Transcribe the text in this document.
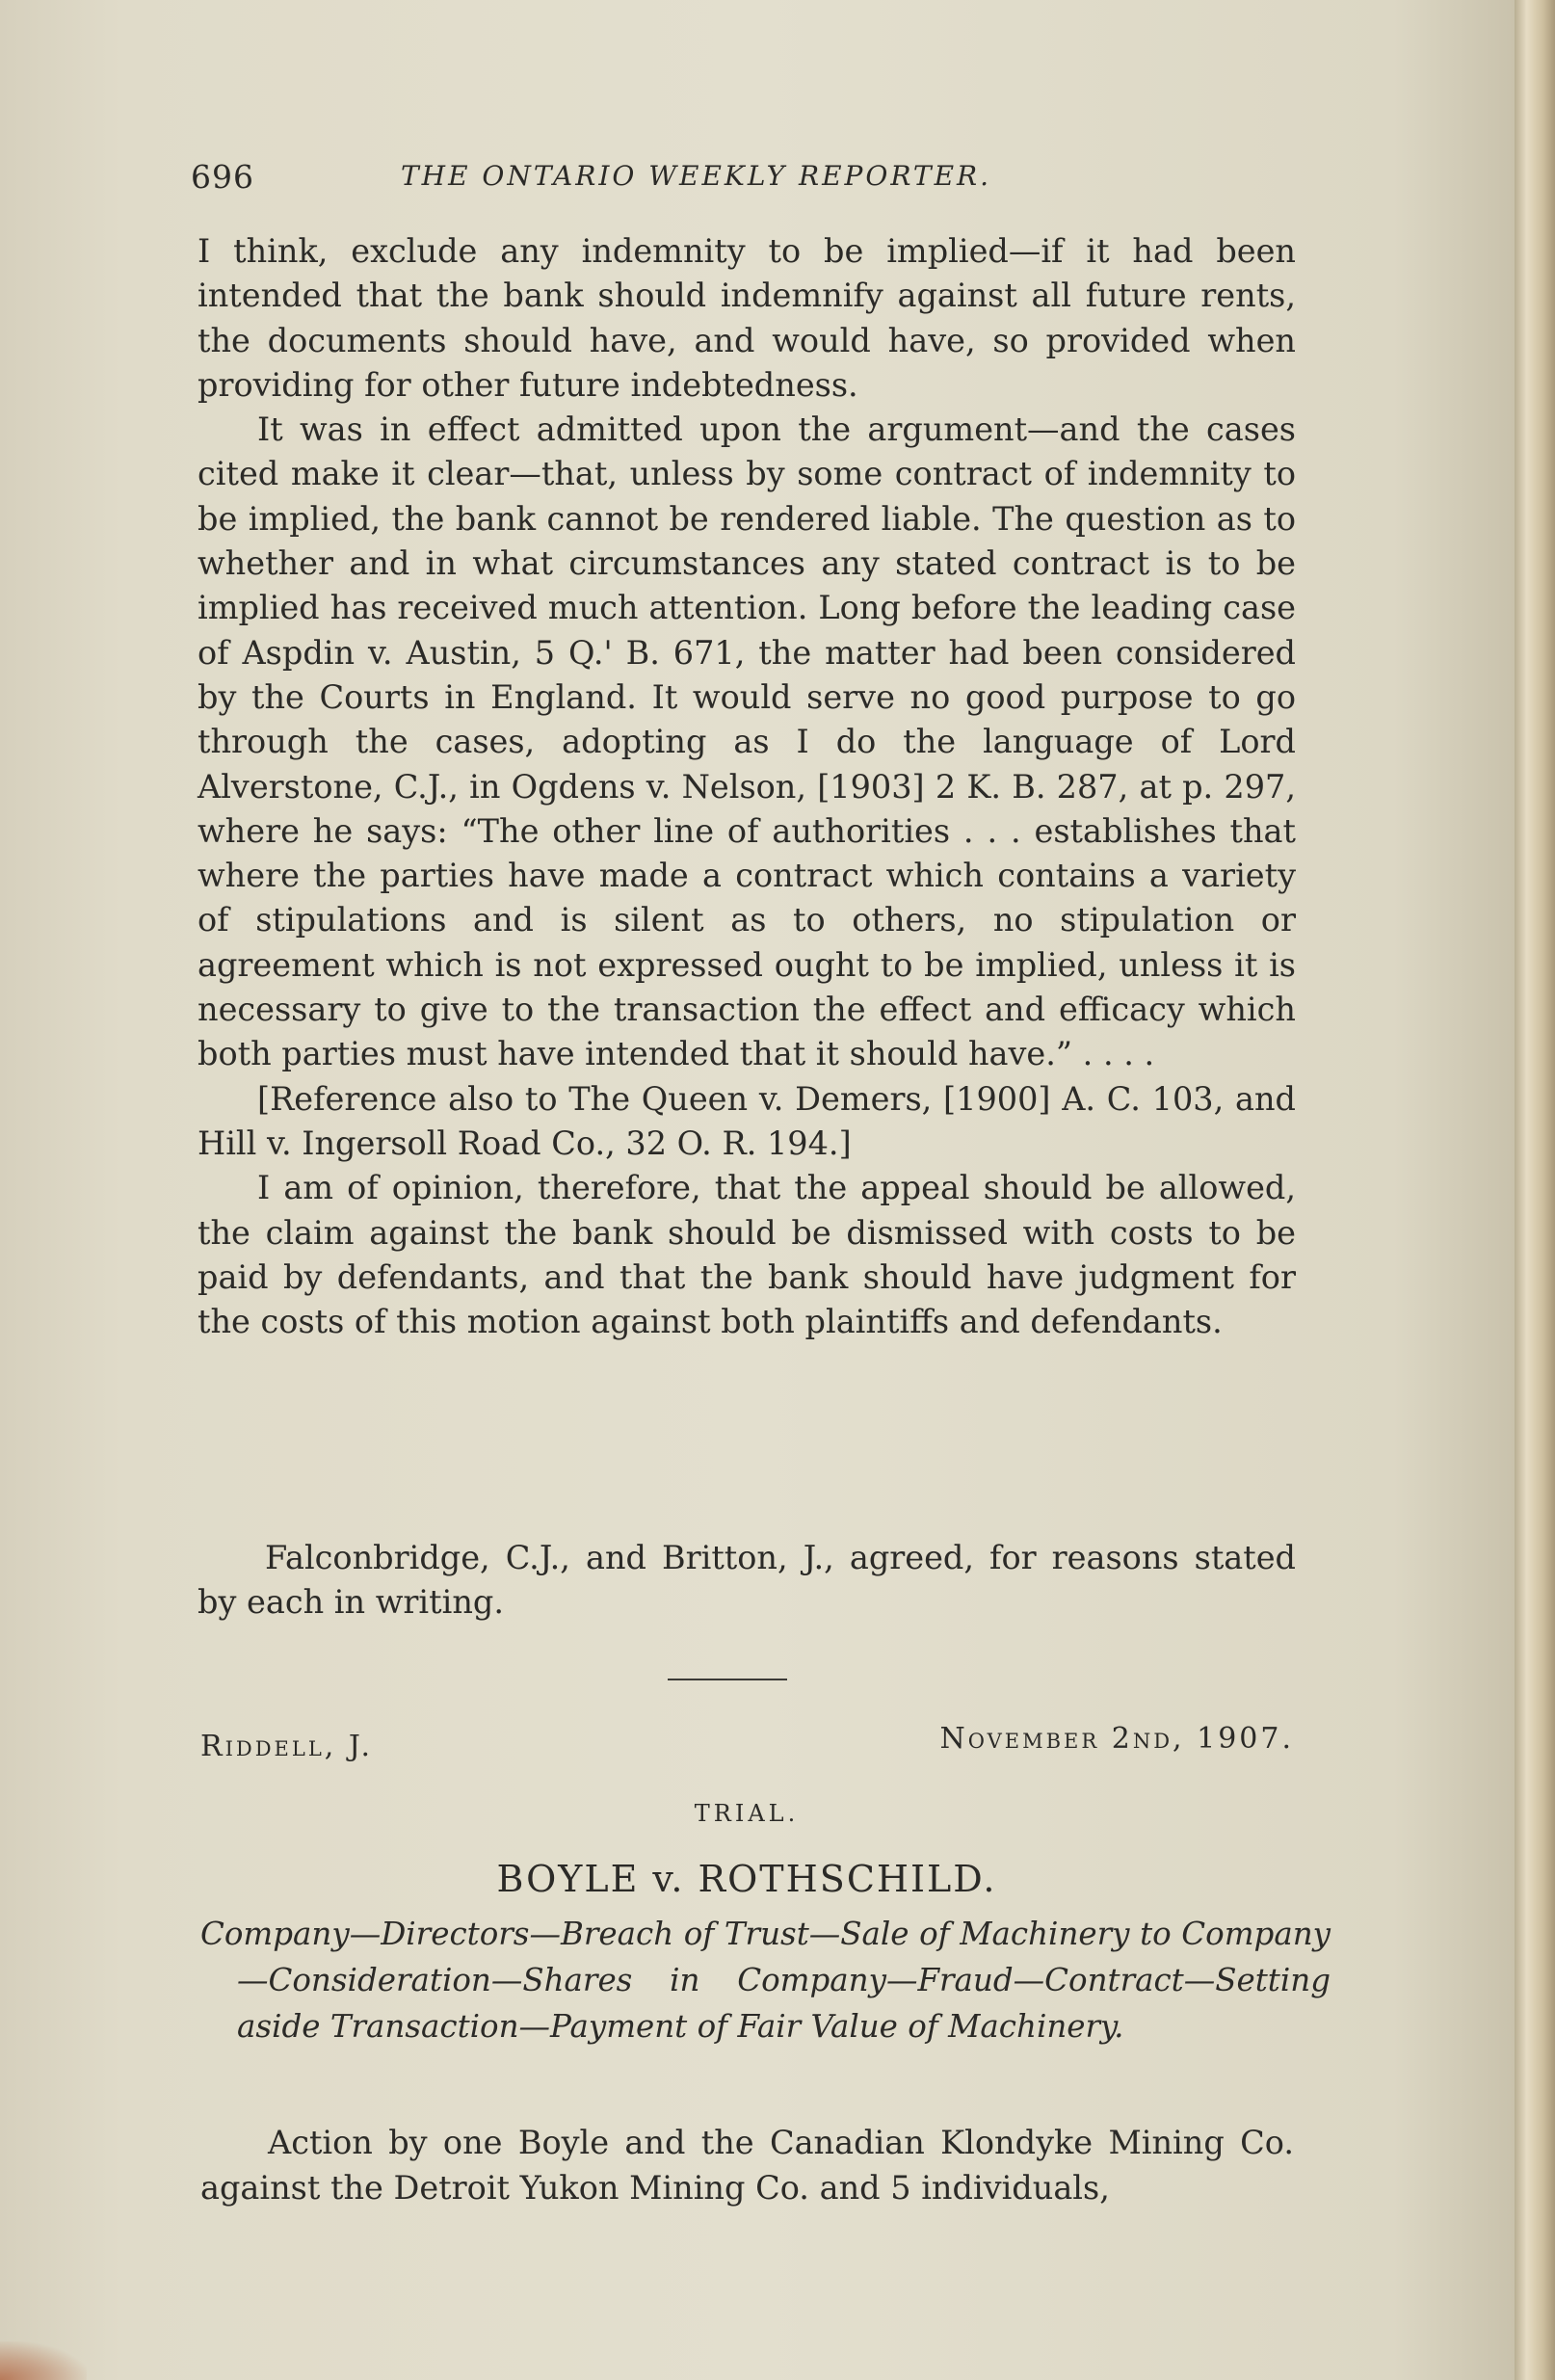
696	THE ONTARIO WEEKLY REPORTER.

I think, exclude any indemnity to be implied—if it had been intended that the bank should indemnify against all future rents, the documents should have, and would have, so provided when providing for other future indebtedness.

It was in effect admitted upon the argument—and the cases cited make it clear—that, unless by some contract of indemnity to be implied, the bank cannot be rendered liable. The question as to whether and in what circumstances any stated contract is to be implied has received much attention. Long before the leading case of Aspdin v. Austin, 5 Q.' B. 671, the matter had been considered by the Courts in England. It would serve no good purpose to go through the cases, adopting as I do the language of Lord Alverstone, C.J., in Ogdens v. Nelson, [1903] 2 K. B. 287, at p. 297, where he says: “The other line of authorities . . . establishes that where the parties have made a contract which contains a variety of stipulations and is silent as to others, no stipulation or agreement which is not expressed ought to be implied, unless it is necessary to give to the transaction the effect and efficacy which both parties must have intended that it should have.” . . . .

[Reference also to The Queen v. Demers, [1900] A. C. 103, and Hill v. Ingersoll Road Co., 32 O. R. 194.]

I am of opinion, therefore, that the appeal should be allowed, the claim against the bank should be dismissed with costs to be paid by defendants, and that the bank should have judgment for the costs of this motion against both plaintiffs and defendants.

Falconbridge, C.J., and Britton, J., agreed, for reasons stated by each in writing.

Riddell, J.	November 2nd, 1907.
TRIAL.
BOYLE v. ROTHSCHILD.

Company—Directors—Breach of Trust—Sale of Machinery to Company—Consideration—Shares in Company—Fraud—Contract—Setting aside Transaction—Payment of Fair Value of Machinery.

Action by one Boyle and the Canadian Klondyke Mining Co. against the Detroit Yukon Mining Co. and 5 individuals,
